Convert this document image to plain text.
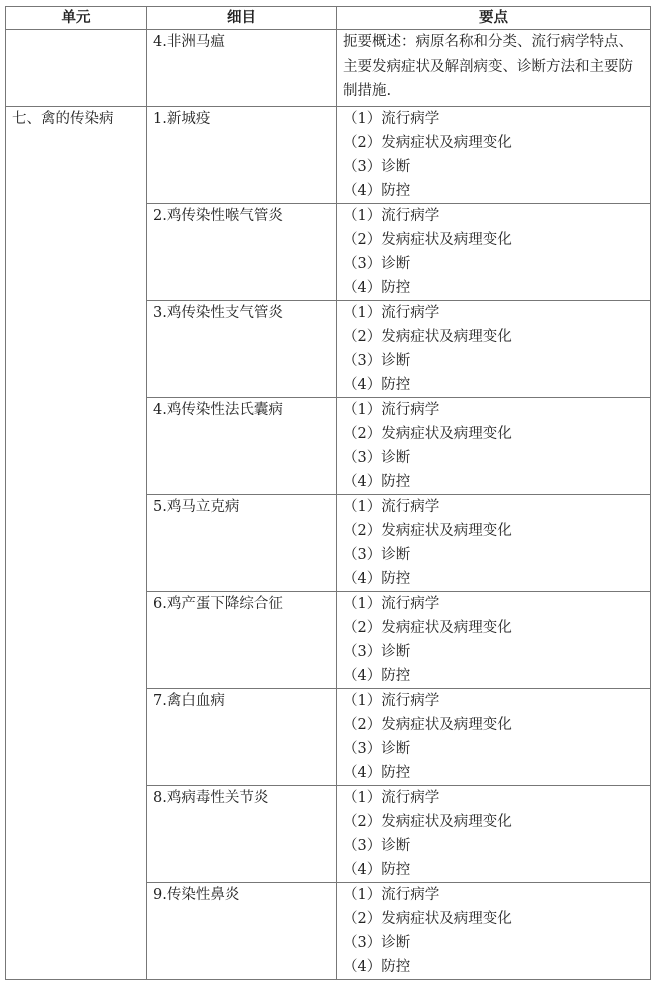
单元	细目	要点

	4.非洲马瘟	扼要概述：病原名称和分类、流行病学特点、主要发病症状及解剖病变、诊断方法和主要防制措施.

七、禽的传染病	1.新城疫	（1）流行病学
（2）发病症状及病理变化
（3）诊断
（4）防控

	2.鸡传染性喉气管炎	（1）流行病学
（2）发病症状及病理变化
（3）诊断
（4）防控

	3.鸡传染性支气管炎	（1）流行病学
（2）发病症状及病理变化
（3）诊断
（4）防控

	4.鸡传染性法氏囊病	（1）流行病学
（2）发病症状及病理变化
（3）诊断
（4）防控

	5.鸡马立克病	（1）流行病学
（2）发病症状及病理变化
（3）诊断
（4）防控

	6.鸡产蛋下降综合征	（1）流行病学
（2）发病症状及病理变化
（3）诊断
（4）防控

	7.禽白血病	（1）流行病学
（2）发病症状及病理变化
（3）诊断
（4）防控

	8.鸡病毒性关节炎	（1）流行病学
（2）发病症状及病理变化
（3）诊断
（4）防控

	9.传染性鼻炎	（1）流行病学
（2）发病症状及病理变化
（3）诊断
（4）防控
